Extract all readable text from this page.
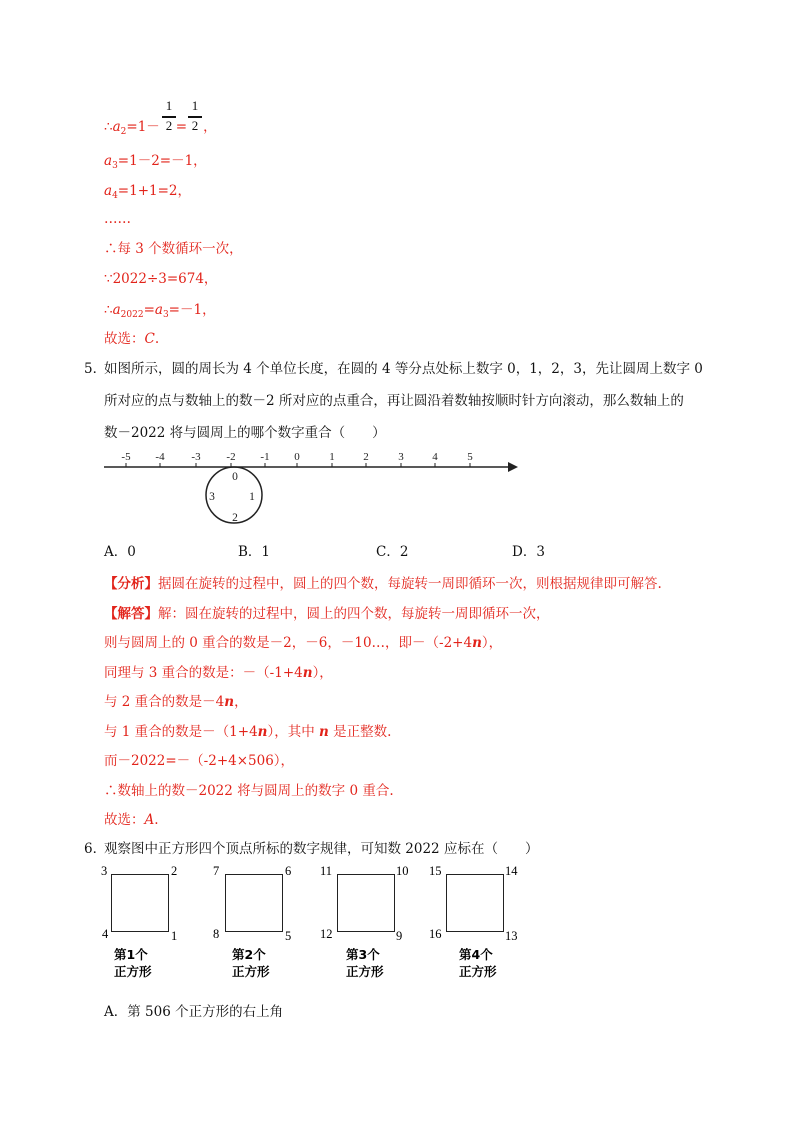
$\therefore a_2=1-$ = ，
1
2
1
2
$a_3=1-2=-1$，
$a_4=1+1=2$，
……
∴每 3 个数循环一次，
∵2022÷3=674，
$\therefore a_{2022}=a_3=-1$，
故选：C.
5．
如图所示，圆的周长为 4 个单位长度，在圆的 4 等分点处标上数字 0，1，2，3，先让圆周上数字 0
所对应的点与数轴上的数－2 所对应的点重合，再让圆沿着数轴按顺时针方向滚动，那么数轴上的
数－2022 将与圆周上的哪个数字重合（　　）
-5 -4 -3 -2 -1 0	1	2	3	4	5
0
1
2
3
A．0	B．1	C．2	D．3
【分析】据圆在旋转的过程中，圆上的四个数，每旋转一周即循环一次，则根据规律即可解答.
【解答】解：圆在旋转的过程中，圆上的四个数，每旋转一周即循环一次，
则与圆周上的 0 重合的数是－2，－6，－10…，即－（-2+4n），
同理与 3 重合的数是：－（-1+4n），
与 2 重合的数是－4n，
与 1 重合的数是－（1+4n），其中 n 是正整数.
而－2022=－（-2+4×506），
∴数轴上的数－2022 将与圆周上的数字 0 重合.
故选：A.
6．
观察图中正方形四个顶点所标的数字规律，可知数 2022 应标在（　　）
3	2
4	1
第1个
正方形
7	6
8	5
第2个
正方形
11	10
12	9
第3个
正方形
15	14
16	13
第4个
正方形
A．第 506 个正方形的右上角
